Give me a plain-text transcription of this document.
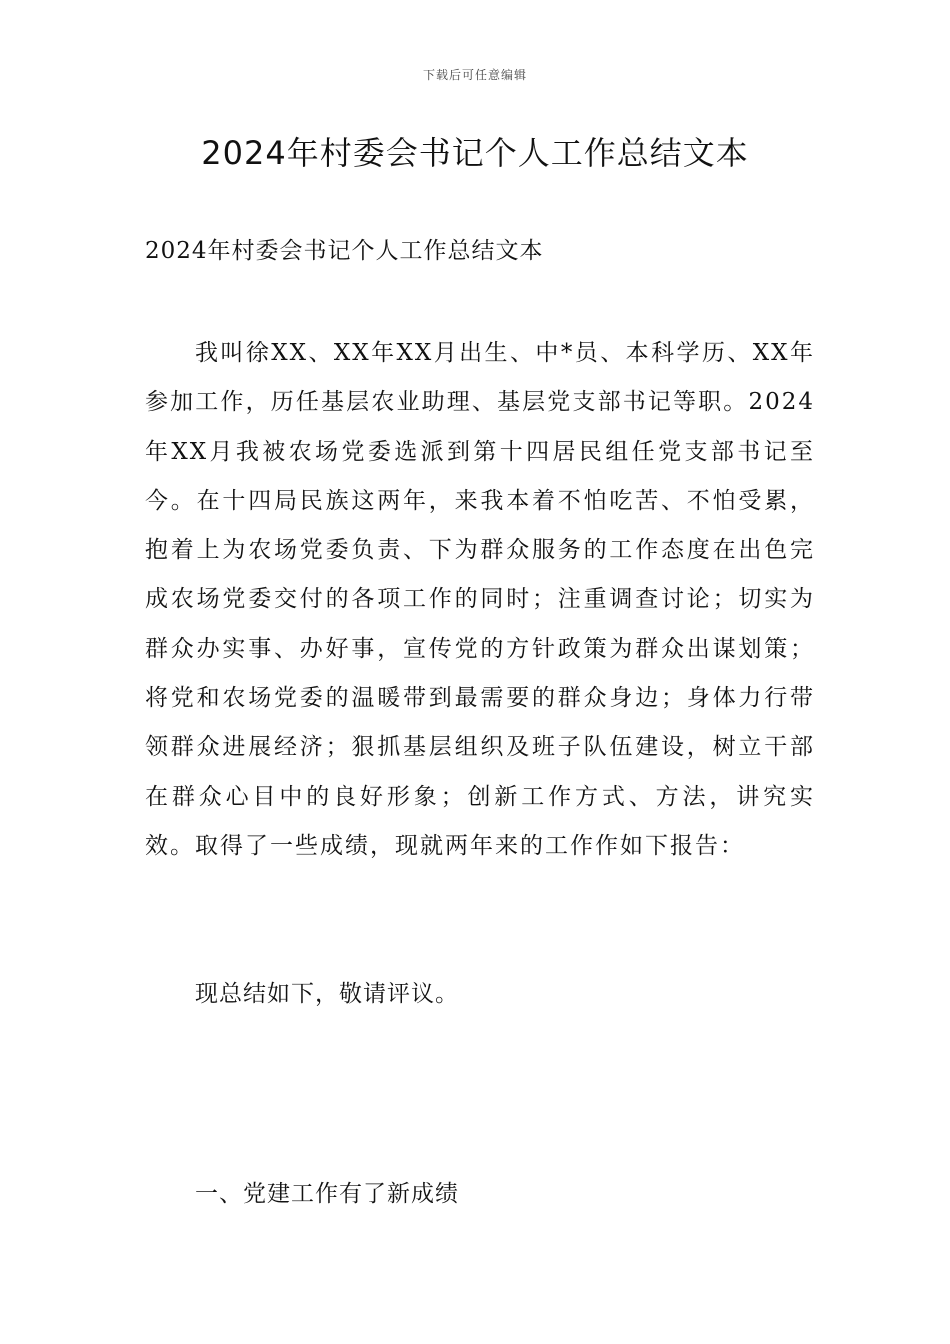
下载后可任意编辑
2024年村委会书记个人工作总结文本

2024年村委会书记个人工作总结文本

我叫徐XX、XX年XX月出生、中*员、本科学历、XX年参加工作，历任基层农业助理、基层党支部书记等职。2024年XX月我被农场党委选派到第十四居民组任党支部书记至今。在十四局民族这两年，来我本着不怕吃苦、不怕受累，抱着上为农场党委负责、下为群众服务的工作态度在出色完成农场党委交付的各项工作的同时；注重调查讨论；切实为群众办实事、办好事，宣传党的方针政策为群众出谋划策；将党和农场党委的温暖带到最需要的群众身边；身体力行带领群众进展经济；狠抓基层组织及班子队伍建设，树立干部在群众心目中的良好形象；创新工作方式、方法，讲究实效。取得了一些成绩，现就两年来的工作作如下报告：

现总结如下，敬请评议。

一、党建工作有了新成绩
